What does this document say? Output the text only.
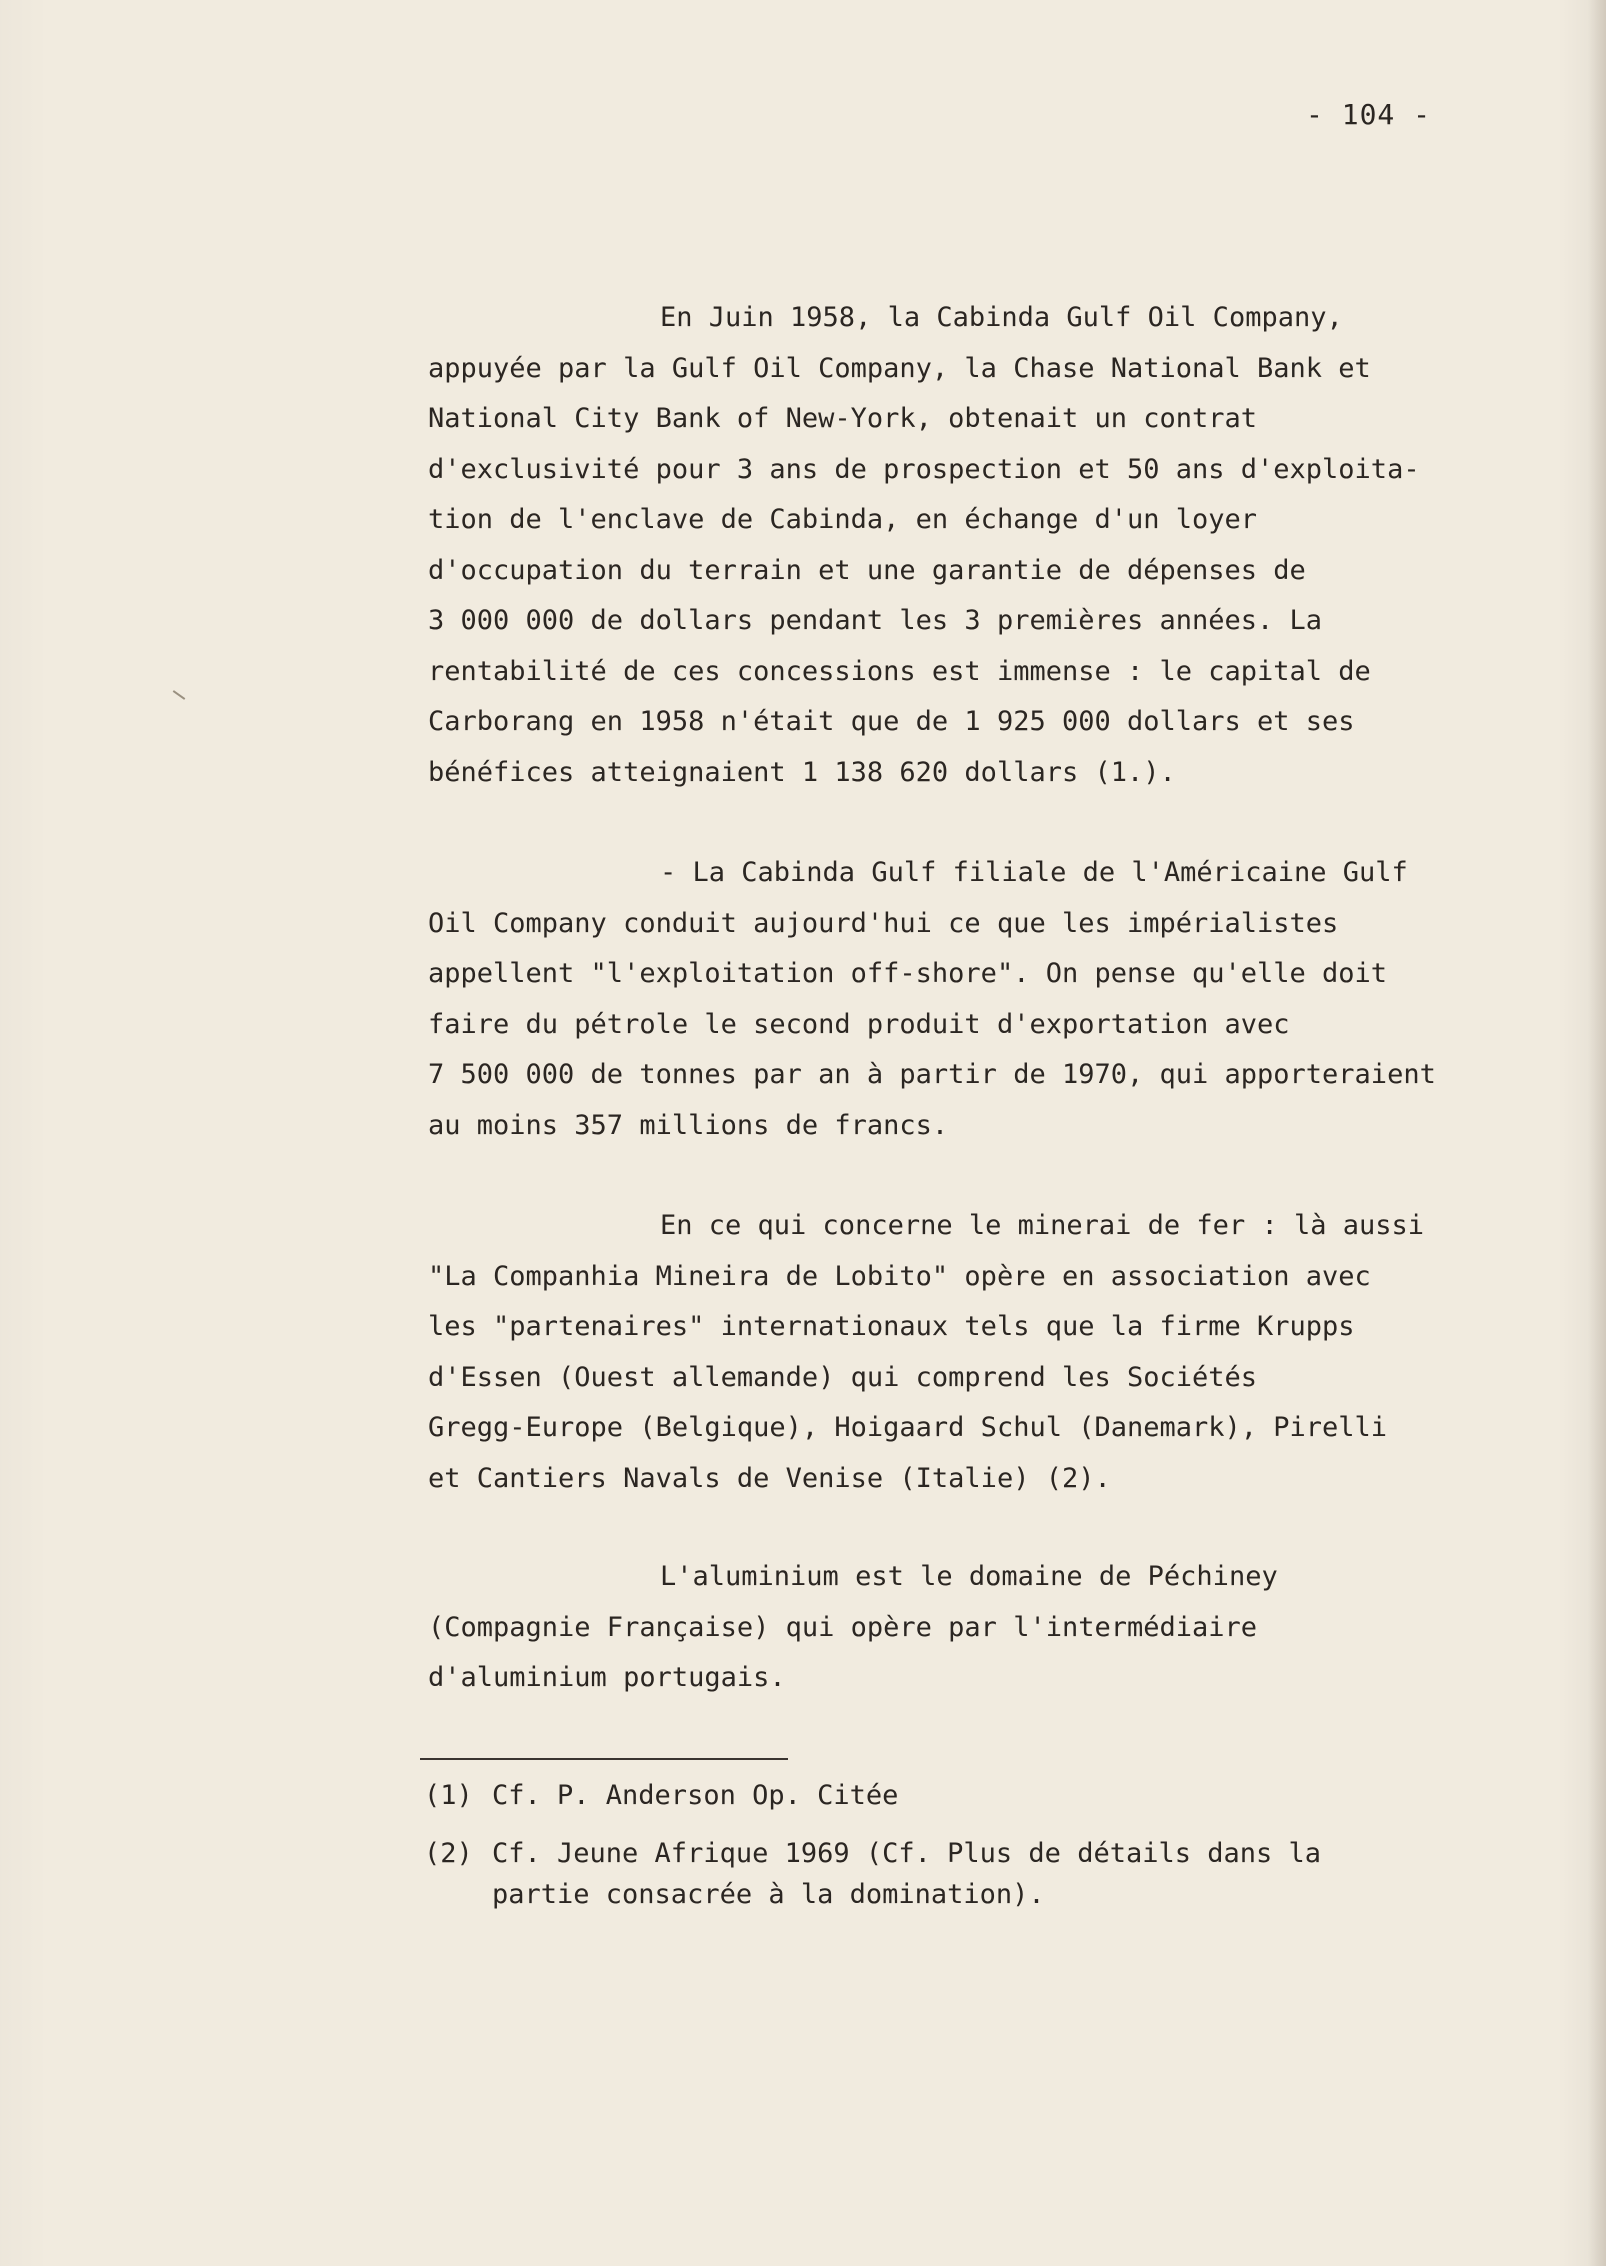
- 104 -
En Juin 1958, la Cabinda Gulf Oil Company,
appuyée par la Gulf Oil Company, la Chase National Bank et
National City Bank of New-York, obtenait un contrat
d'exclusivité pour 3 ans de prospection et 50 ans d'exploita-
tion de l'enclave de Cabinda, en échange d'un loyer
d'occupation du terrain et une garantie de dépenses de
3 000 000 de dollars pendant les 3 premières années. La
rentabilité de ces concessions est immense : le capital de
Carborang en 1958 n'était que de 1 925 000 dollars et ses
bénéfices atteignaient 1 138 620 dollars (1.).
- La Cabinda Gulf filiale de l'Américaine Gulf
Oil Company conduit aujourd'hui ce que les impérialistes
appellent "l'exploitation off-shore". On pense qu'elle doit
faire du pétrole le second produit d'exportation avec
7 500 000 de tonnes par an à partir de 1970, qui apporteraient
au moins 357 millions de francs.
En ce qui concerne le minerai de fer : là aussi
"La Companhia Mineira de Lobito" opère en association avec
les "partenaires" internationaux tels que la firme Krupps
d'Essen (Ouest allemande) qui comprend les Sociétés
Gregg-Europe (Belgique), Hoigaard Schul (Danemark), Pirelli
et Cantiers Navals de Venise (Italie) (2).
L'aluminium est le domaine de Péchiney
(Compagnie Française) qui opère par l'intermédiaire
d'aluminium portugais.
(1) Cf. P. Anderson Op. Citée
(2) Cf. Jeune Afrique 1969 (Cf. Plus de détails dans la
partie consacrée à la domination).
